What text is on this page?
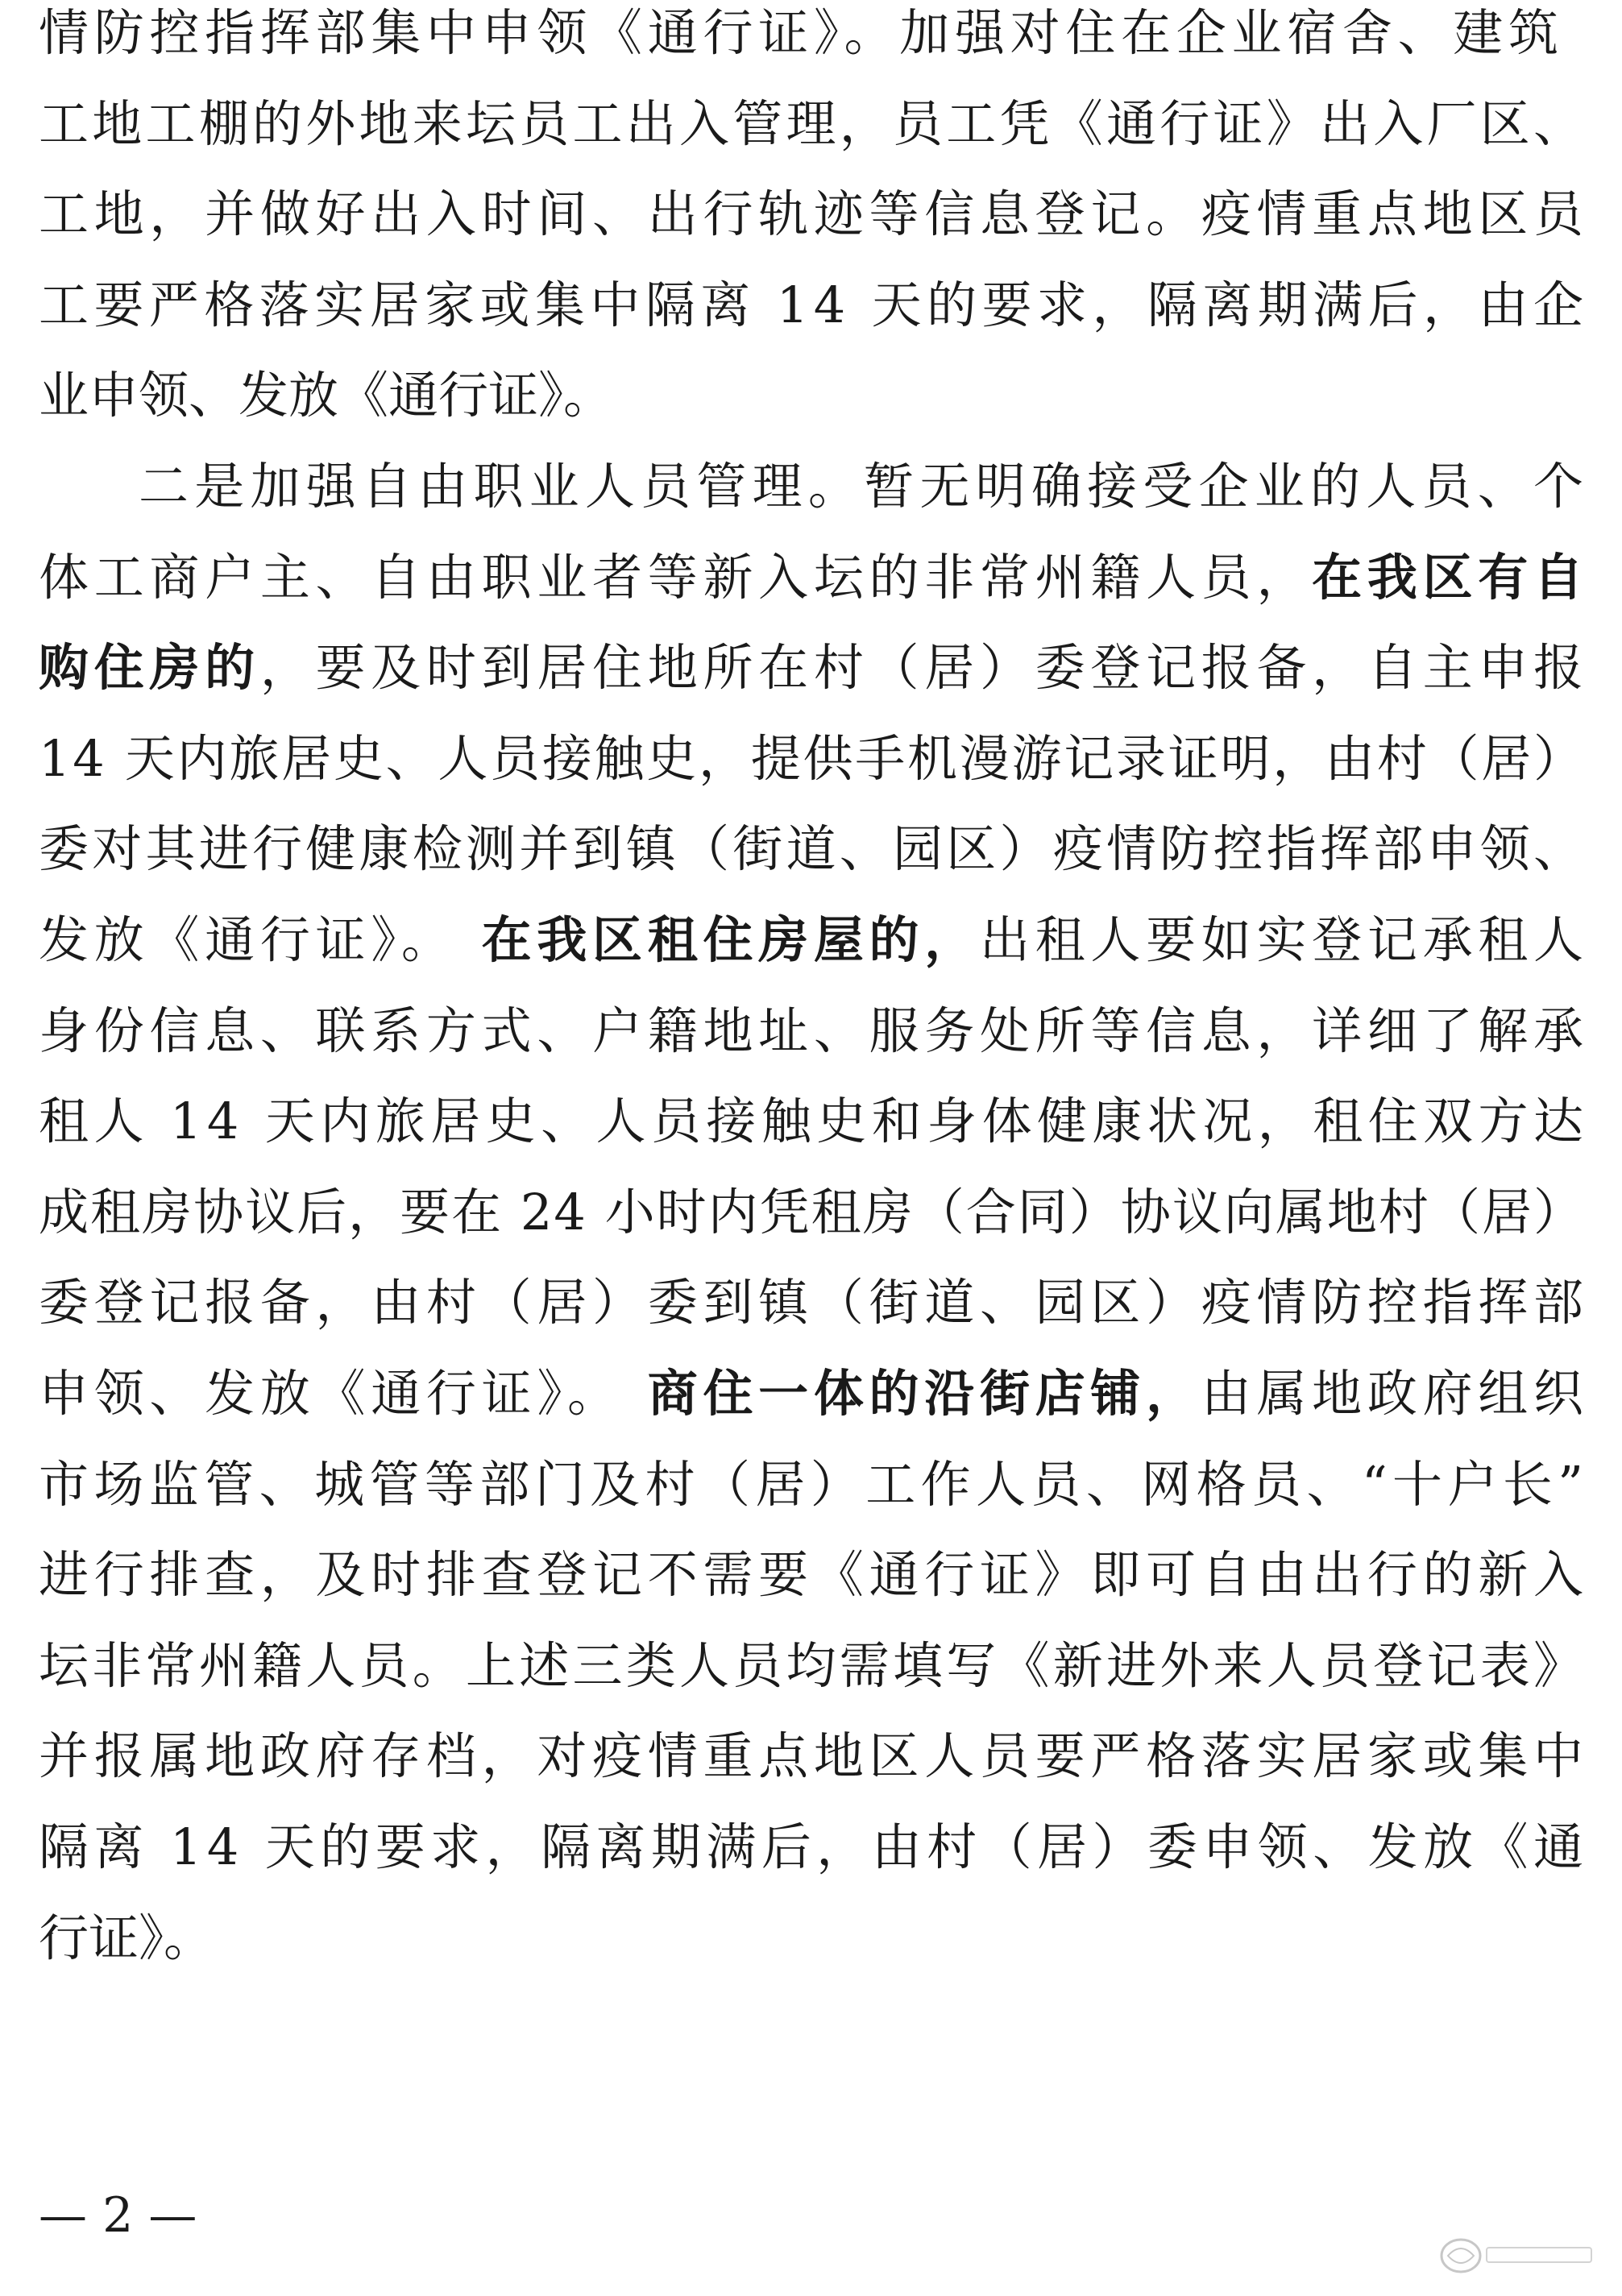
情防控指挥部集中申领《通行证》。加强对住在企业宿舍、建筑
工地工棚的外地来坛员工出入管理，员工凭《通行证》出入厂区、
工地，并做好出入时间、出行轨迹等信息登记。疫情重点地区员
工要严格落实居家或集中隔离 14 天的要求，隔离期满后，由企
业申领、发放《通行证》。
二是加强自由职业人员管理。暂无明确接受企业的人员、个
体工商户主、自由职业者等新入坛的非常州籍人员， 在我区有自
购住房的 ，要及时到居住地所在村（居）委登记报备，自主申报
14 天内旅居史、人员接触史，提供手机漫游记录证明，由村（居）
委对其进行健康检测并到镇（街道、园区）疫情防控指挥部申领、
发放《通行证》。 在我区租住房屋的， 出租人要如实登记承租人
身份信息、联系方式、户籍地址、服务处所等信息，详细了解承
租人 14 天内旅居史、人员接触史和身体健康状况，租住双方达
成租房协议后，要在 24 小时内凭租房（合同）协议向属地村（居）
委登记报备，由村（居）委到镇（街道、园区）疫情防控指挥部
申领、发放《通行证》。 商住一体的沿街店铺， 由属地政府组织
市场监管、城管等部门及村（居）工作人员、网格员、“十户长”
进行排查，及时排查登记不需要《通行证》即可自由出行的新入
坛非常州籍人员。上述三类人员均需填写《新进外来人员登记表》
并报属地政府存档，对疫情重点地区人员要严格落实居家或集中
隔离 14 天的要求，隔离期满后，由村（居）委申领、发放《通
行证》。
— 2 —
